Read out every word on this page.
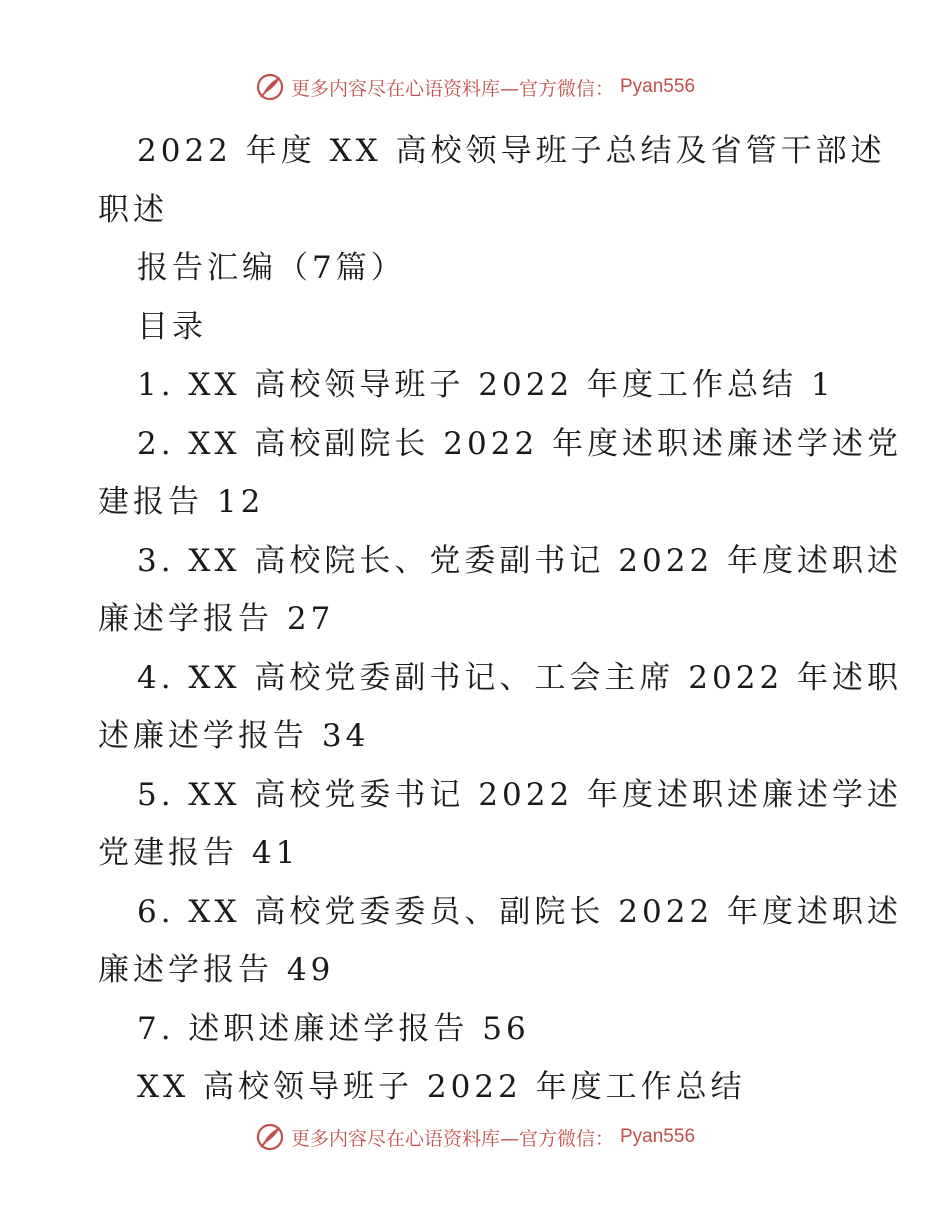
更多内容尽在心语资料库—官方微信： Pyan556
2022 年度 XX 高校领导班子总结及省管干部述
职述
报告汇编（7篇）
目录
1. XX 高校领导班子 2022 年度工作总结 1
2. XX 高校副院长 2022 年度述职述廉述学述党
建报告 12
3. XX 高校院长、党委副书记 2022 年度述职述
廉述学报告 27
4. XX 高校党委副书记、工会主席 2022 年述职
述廉述学报告 34
5. XX 高校党委书记 2022 年度述职述廉述学述
党建报告 41
6. XX 高校党委委员、副院长 2022 年度述职述
廉述学报告 49
7. 述职述廉述学报告 56
XX 高校领导班子 2022 年度工作总结
更多内容尽在心语资料库—官方微信： Pyan556
